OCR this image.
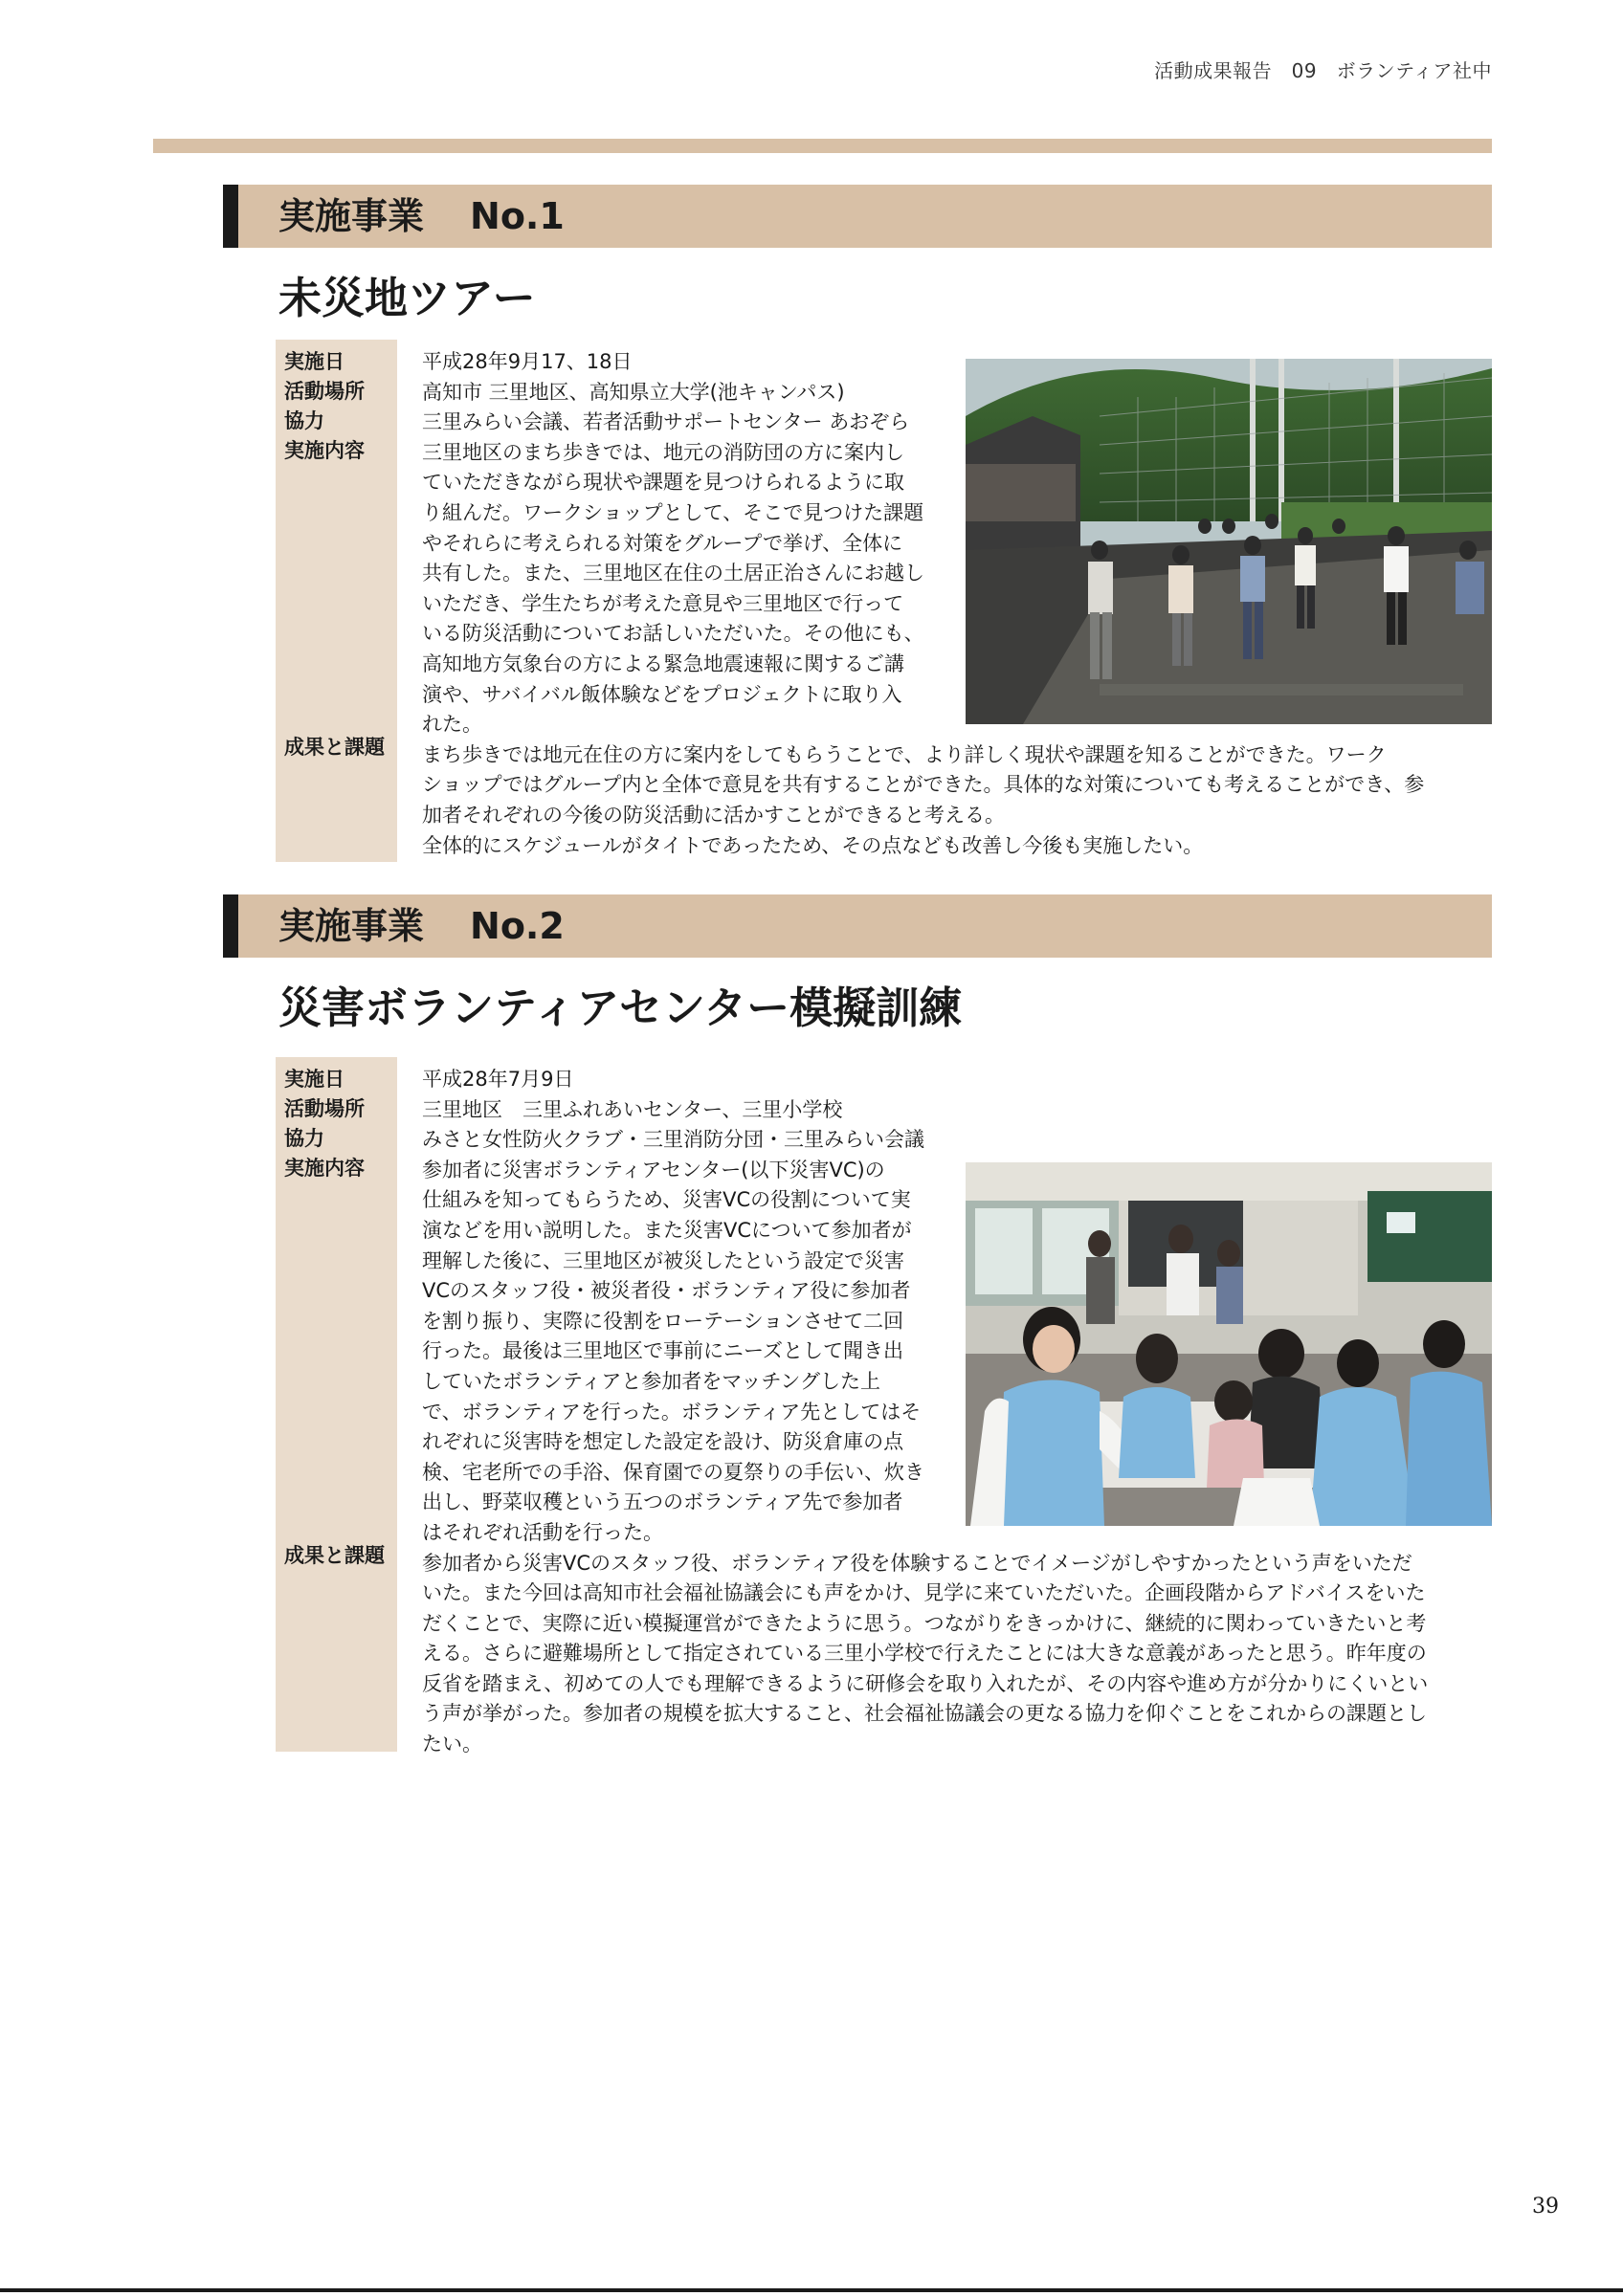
活動成果報告　09　ボランティア社中
実施事業 No.1
未災地ツアー
実施日
活動場所
協力
実施内容
成果と課題

平成28年9月17、18日

高知市 三里地区、高知県立大学(池キャンパス)

三里みらい会議、若者活動サポートセンター あおぞら

三里地区のまち歩きでは、地元の消防団の方に案内し

ていただきながら現状や課題を見つけられるように取

り組んだ。ワークショップとして、そこで見つけた課題

やそれらに考えられる対策をグループで挙げ、全体に

共有した。また、三里地区在住の土居正治さんにお越し

いただき、学生たちが考えた意見や三里地区で行って

いる防災活動についてお話しいただいた。その他にも、

高知地方気象台の方による緊急地震速報に関するご講

演や、サバイバル飯体験などをプロジェクトに取り入

れた。

まち歩きでは地元在住の方に案内をしてもらうことで、より詳しく現状や課題を知ることができた。ワーク

ショップではグループ内と全体で意見を共有することができた。具体的な対策についても考えることができ、参

加者それぞれの今後の防災活動に活かすことができると考える。

全体的にスケジュールがタイトであったため、その点なども改善し今後も実施したい。

実施事業 No.2
災害ボランティアセンター模擬訓練
実施日
活動場所
協力
実施内容
成果と課題

平成28年7月9日

三里地区　三里ふれあいセンター、三里小学校

みさと女性防火クラブ・三里消防分団・三里みらい会議

参加者に災害ボランティアセンター(以下災害VC)の

仕組みを知ってもらうため、災害VCの役割について実

演などを用い説明した。また災害VCについて参加者が

理解した後に、三里地区が被災したという設定で災害

VCのスタッフ役・被災者役・ボランティア役に参加者

を割り振り、実際に役割をローテーションさせて二回

行った。最後は三里地区で事前にニーズとして聞き出

していたボランティアと参加者をマッチングした上

で、ボランティアを行った。ボランティア先としてはそ

れぞれに災害時を想定した設定を設け、防災倉庫の点

検、宅老所での手浴、保育園での夏祭りの手伝い、炊き

出し、野菜収穫という五つのボランティア先で参加者

はそれぞれ活動を行った。

参加者から災害VCのスタッフ役、ボランティア役を体験することでイメージがしやすかったという声をいただ

いた。また今回は高知市社会福祉協議会にも声をかけ、見学に来ていただいた。企画段階からアドバイスをいた

だくことで、実際に近い模擬運営ができたように思う。つながりをきっかけに、継続的に関わっていきたいと考

える。さらに避難場所として指定されている三里小学校で行えたことには大きな意義があったと思う。昨年度の

反省を踏まえ、初めての人でも理解できるように研修会を取り入れたが、その内容や進め方が分かりにくいとい

う声が挙がった。参加者の規模を拡大すること、社会福祉協議会の更なる協力を仰ぐことをこれからの課題とし

たい。

39
